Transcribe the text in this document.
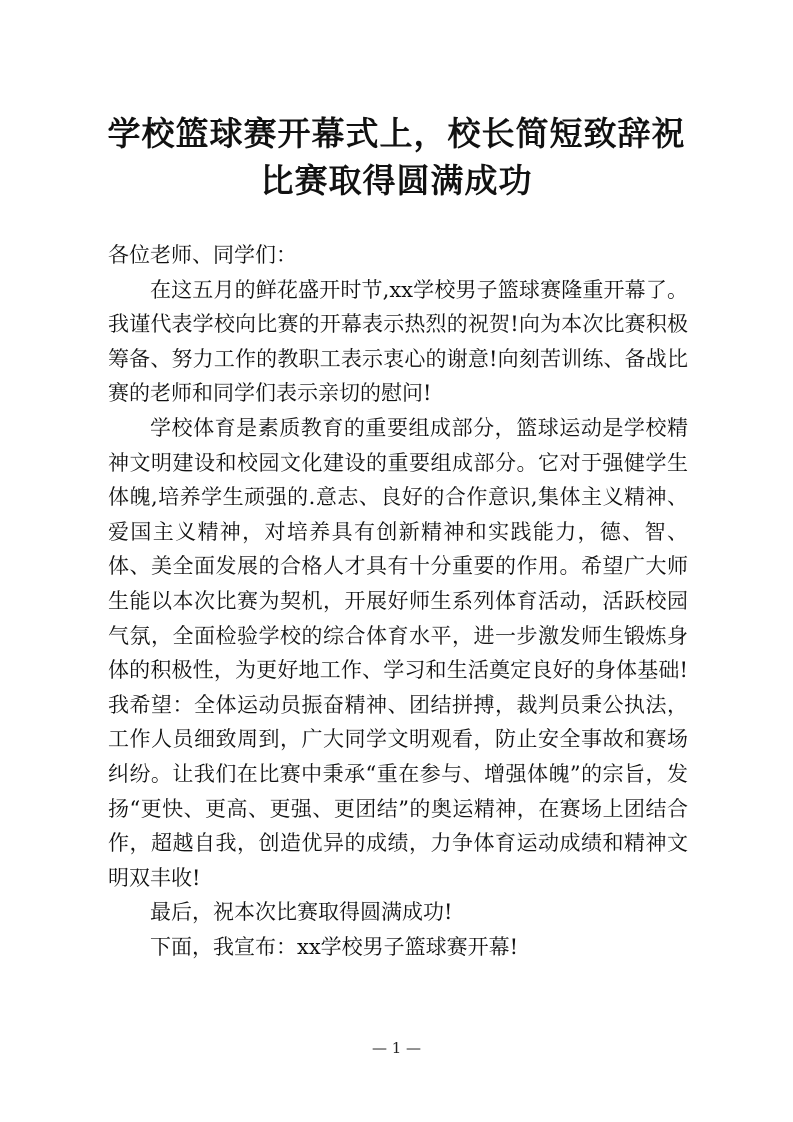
学校篮球赛开幕式上，校长简短致辞祝比赛取得圆满成功

各位老师、同学们：

在这五月的鲜花盛开时节,xx学校男子篮球赛隆重开幕了。我谨代表学校向比赛的开幕表示热烈的祝贺!向为本次比赛积极筹备、努力工作的教职工表示衷心的谢意!向刻苦训练、备战比赛的老师和同学们表示亲切的慰问!

学校体育是素质教育的重要组成部分，篮球运动是学校精神文明建设和校园文化建设的重要组成部分。它对于强健学生体魄,培养学生顽强的.意志、良好的合作意识,集体主义精神、爱国主义精神，对培养具有创新精神和实践能力，德、智、体、美全面发展的合格人才具有十分重要的作用。希望广大师生能以本次比赛为契机，开展好师生系列体育活动，活跃校园气氛，全面检验学校的综合体育水平，进一步激发师生锻炼身体的积极性，为更好地工作、学习和生活奠定良好的身体基础!我希望：全体运动员振奋精神、团结拼搏，裁判员秉公执法，工作人员细致周到，广大同学文明观看，防止安全事故和赛场纠纷。让我们在比赛中秉承“重在参与、增强体魄”的宗旨，发扬“更快、更高、更强、更团结”的奥运精神，在赛场上团结合作，超越自我，创造优异的成绩，力争体育运动成绩和精神文明双丰收!

最后，祝本次比赛取得圆满成功!

下面，我宣布：xx学校男子篮球赛开幕!

— 1 —
